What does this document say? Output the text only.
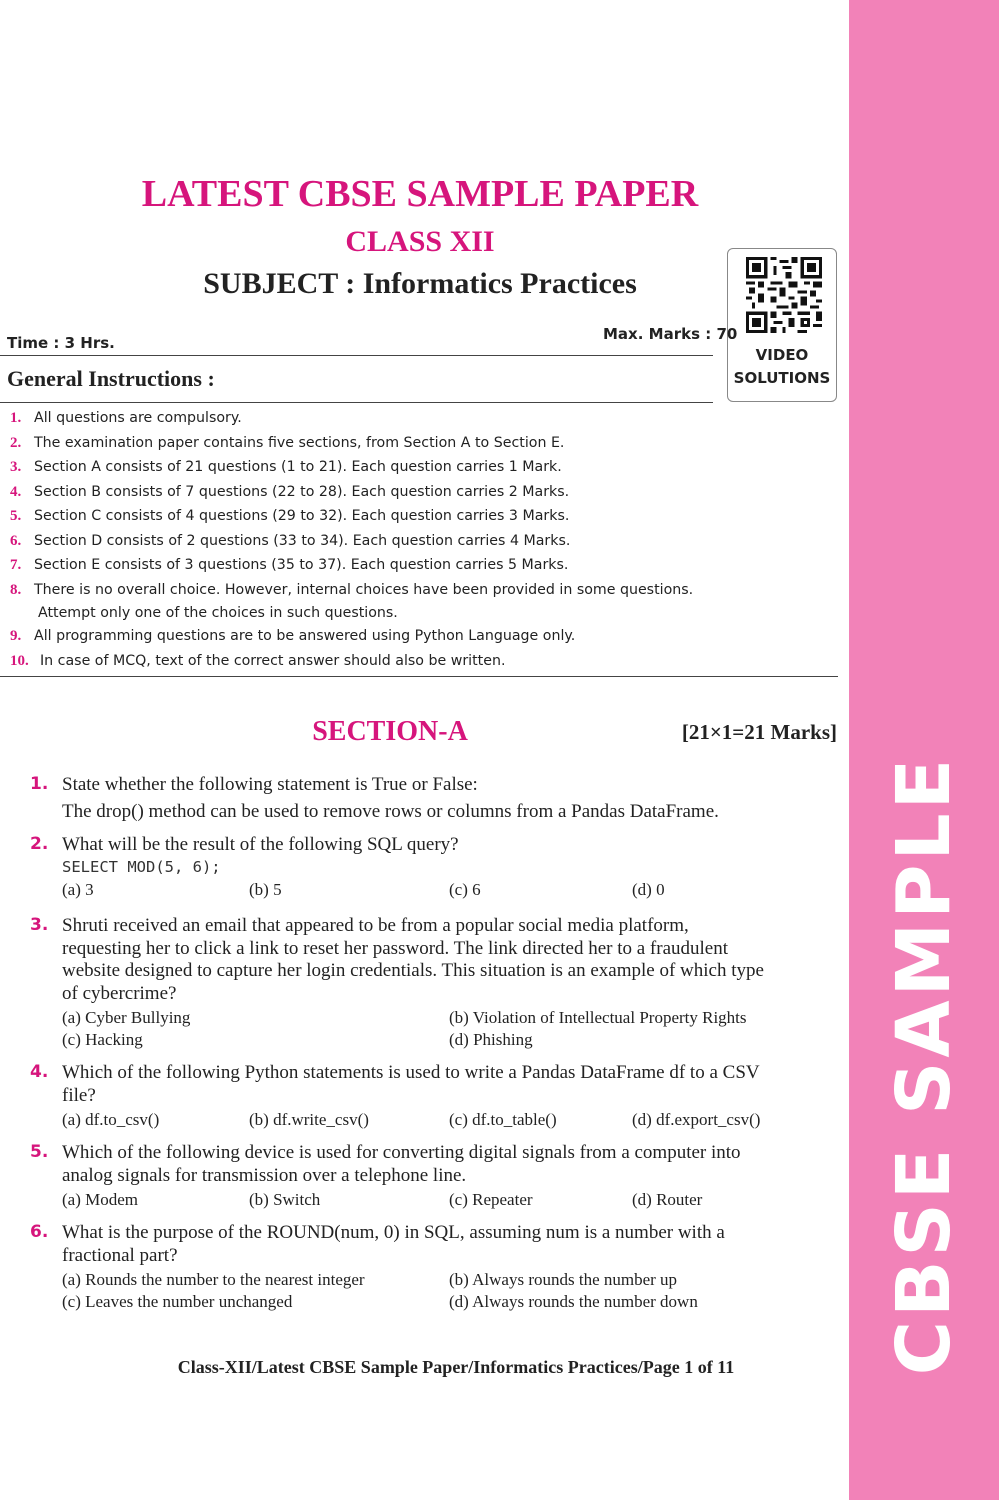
CBSE SAMPLE
LATEST CBSE SAMPLE PAPER
CLASS XII
SUBJECT : Informatics Practices
VIDEO
SOLUTIONS
Time : 3 Hrs.	Max. Marks : 70
General Instructions :
1. All questions are compulsory.
2. The examination paper contains five sections, from Section A to Section E.
3. Section A consists of 21 questions (1 to 21). Each question carries 1 Mark.
4. Section B consists of 7 questions (22 to 28). Each question carries 2 Marks.
5. Section C consists of 4 questions (29 to 32). Each question carries 3 Marks.
6. Section D consists of 2 questions (33 to 34). Each question carries 4 Marks.
7. Section E consists of 3 questions (35 to 37). Each question carries 5 Marks.
8. There is no overall choice. However, internal choices have been provided in some questions.
Attempt only one of the choices in such questions.
9. All programming questions are to be answered using Python Language only.
10. In case of MCQ, text of the correct answer should also be written.
SECTION-A	[21×1=21 Marks]
1. State whether the following statement is True or False:
The drop() method can be used to remove rows or columns from a Pandas DataFrame.
2. What will be the result of the following SQL query?
SELECT MOD(5, 6);
(a) 3	(b) 5	(c) 6	(d) 0
3. Shruti received an email that appeared to be from a popular social media platform,
requesting her to click a link to reset her password. The link directed her to a fraudulent
website designed to capture her login credentials. This situation is an example of which type
of cybercrime?
(a) Cyber Bullying	(b) Violation of Intellectual Property Rights
(c) Hacking	(d) Phishing
4. Which of the following Python statements is used to write a Pandas DataFrame df to a CSV
file?
(a) df.to_csv()	(b) df.write_csv()	(c) df.to_table()	(d) df.export_csv()
5. Which of the following device is used for converting digital signals from a computer into
analog signals for transmission over a telephone line.
(a) Modem	(b) Switch	(c) Repeater	(d) Router
6. What is the purpose of the ROUND(num, 0) in SQL, assuming num is a number with a
fractional part?
(a) Rounds the number to the nearest integer	(b) Always rounds the number up
(c) Leaves the number unchanged	(d) Always rounds the number down
Class-XII/Latest CBSE Sample Paper/Informatics Practices/Page 1 of 11
